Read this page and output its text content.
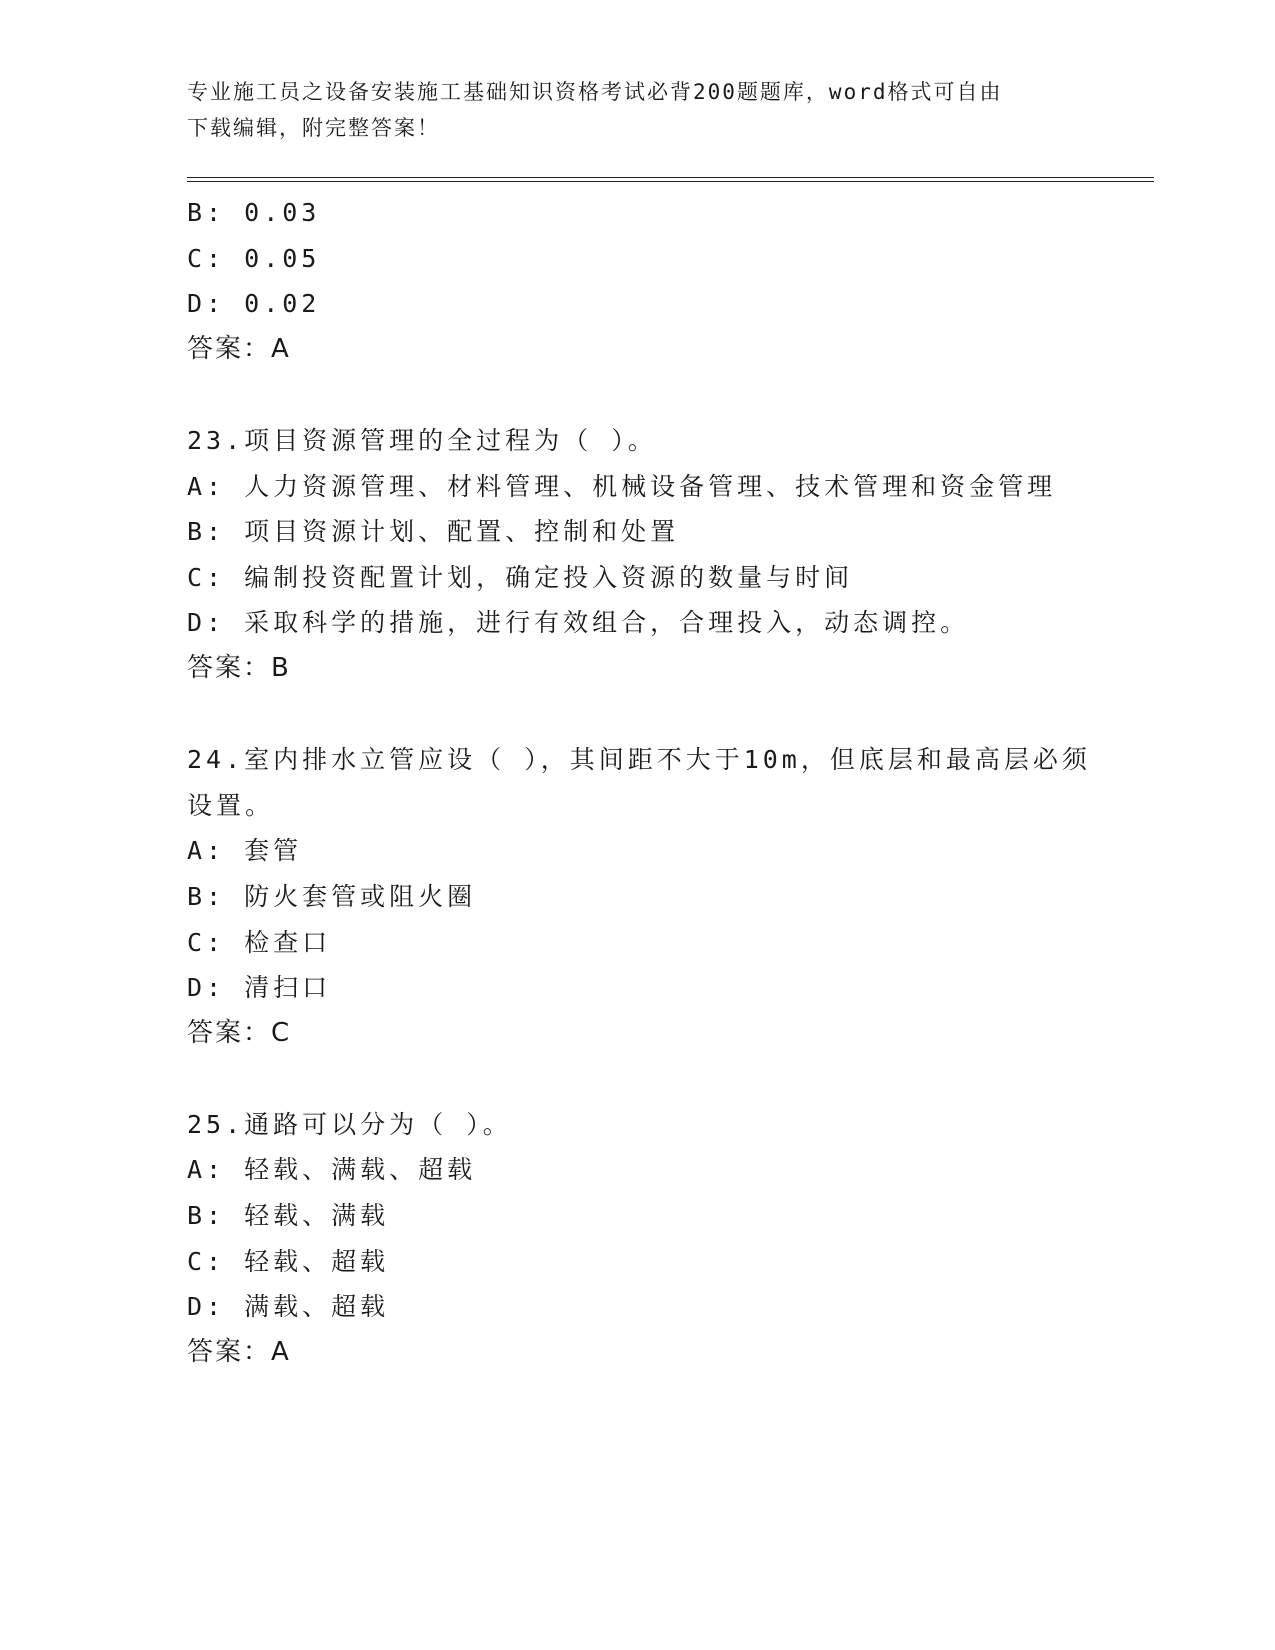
专业施工员之设备安装施工基础知识资格考试必背200题题库，word格式可自由
下载编辑，附完整答案！
B: 0.03
C: 0.05
D: 0.02
答案：A
23.项目资源管理的全过程为（ ）。
A: 人力资源管理、材料管理、机械设备管理、技术管理和资金管理
B: 项目资源计划、配置、控制和处置
C: 编制投资配置计划，确定投入资源的数量与时间
D: 采取科学的措施，进行有效组合，合理投入，动态调控。
答案：B
24.室内排水立管应设（ ），其间距不大于10m，但底层和最高层必须
设置。
A: 套管
B: 防火套管或阻火圈
C: 检查口
D: 清扫口
答案：C
25.通路可以分为（ ）。
A: 轻载、满载、超载
B: 轻载、满载
C: 轻载、超载
D: 满载、超载
答案：A
